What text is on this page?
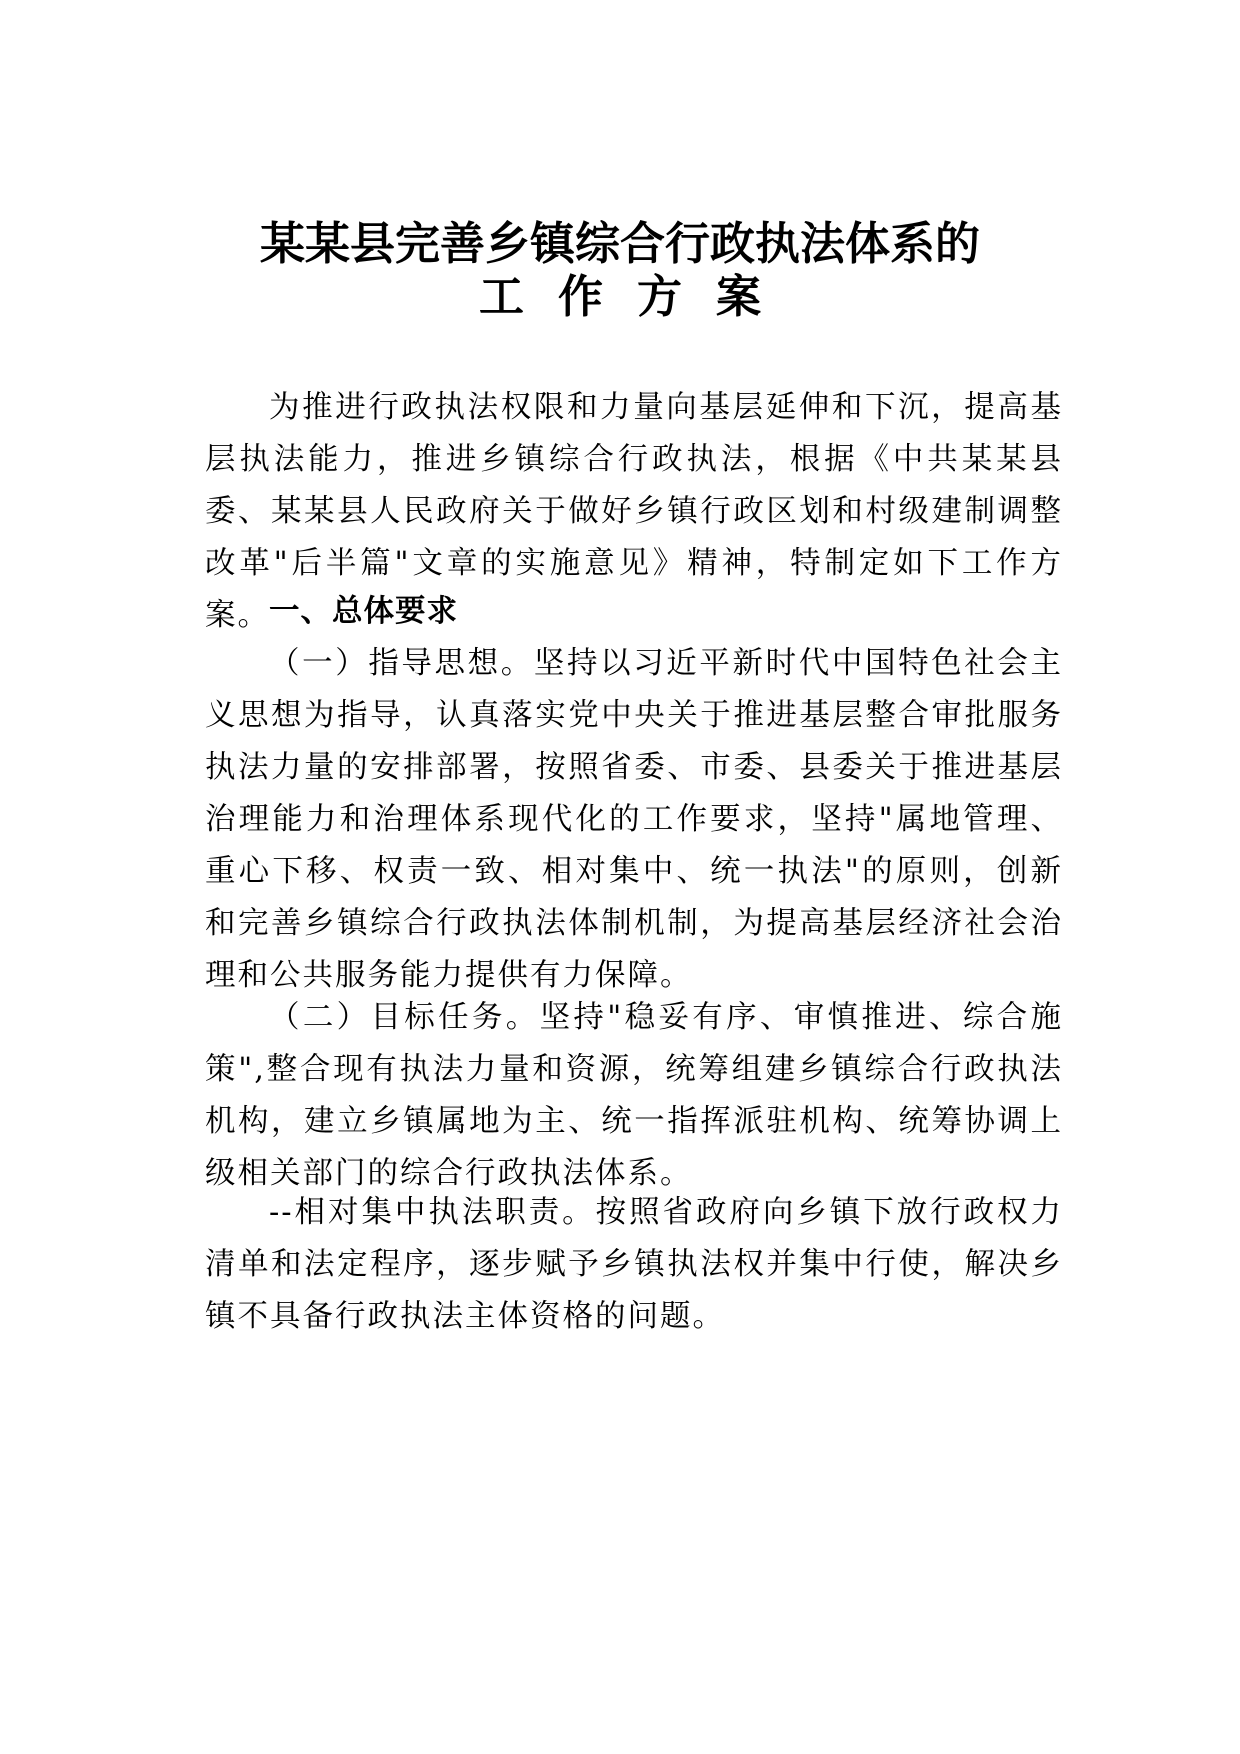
某某县完善乡镇综合行政执法体系的
工作方案

为推进行政执法权限和力量向基层延伸和下沉，提高基层执法能力，推进乡镇综合行政执法，根据《中共某某县委、某某县人民政府关于做好乡镇行政区划和村级建制调整改革"后半篇"文章的实施意见》精神，特制定如下工作方案。 一、总体要求

（一）指导思想。坚持以习近平新时代中国特色社会主义思想为指导，认真落实党中央关于推进基层整合审批服务执法力量的安排部署，按照省委、市委、县委关于推进基层治理能力和治理体系现代化的工作要求，坚持"属地管理、重心下移、权责一致、相对集中、统一执法"的原则，创新和完善乡镇综合行政执法体制机制，为提高基层经济社会治理和公共服务能力提供有力保障。

（二）目标任务。坚持"稳妥有序、审慎推进、综合施策",整合现有执法力量和资源，统筹组建乡镇综合行政执法机构，建立乡镇属地为主、统一指挥派驻机构、统筹协调上级相关部门的综合行政执法体系。

--相对集中执法职责。按照省政府向乡镇下放行政权力清单和法定程序，逐步赋予乡镇执法权并集中行使，解决乡镇不具备行政执法主体资格的问题。
